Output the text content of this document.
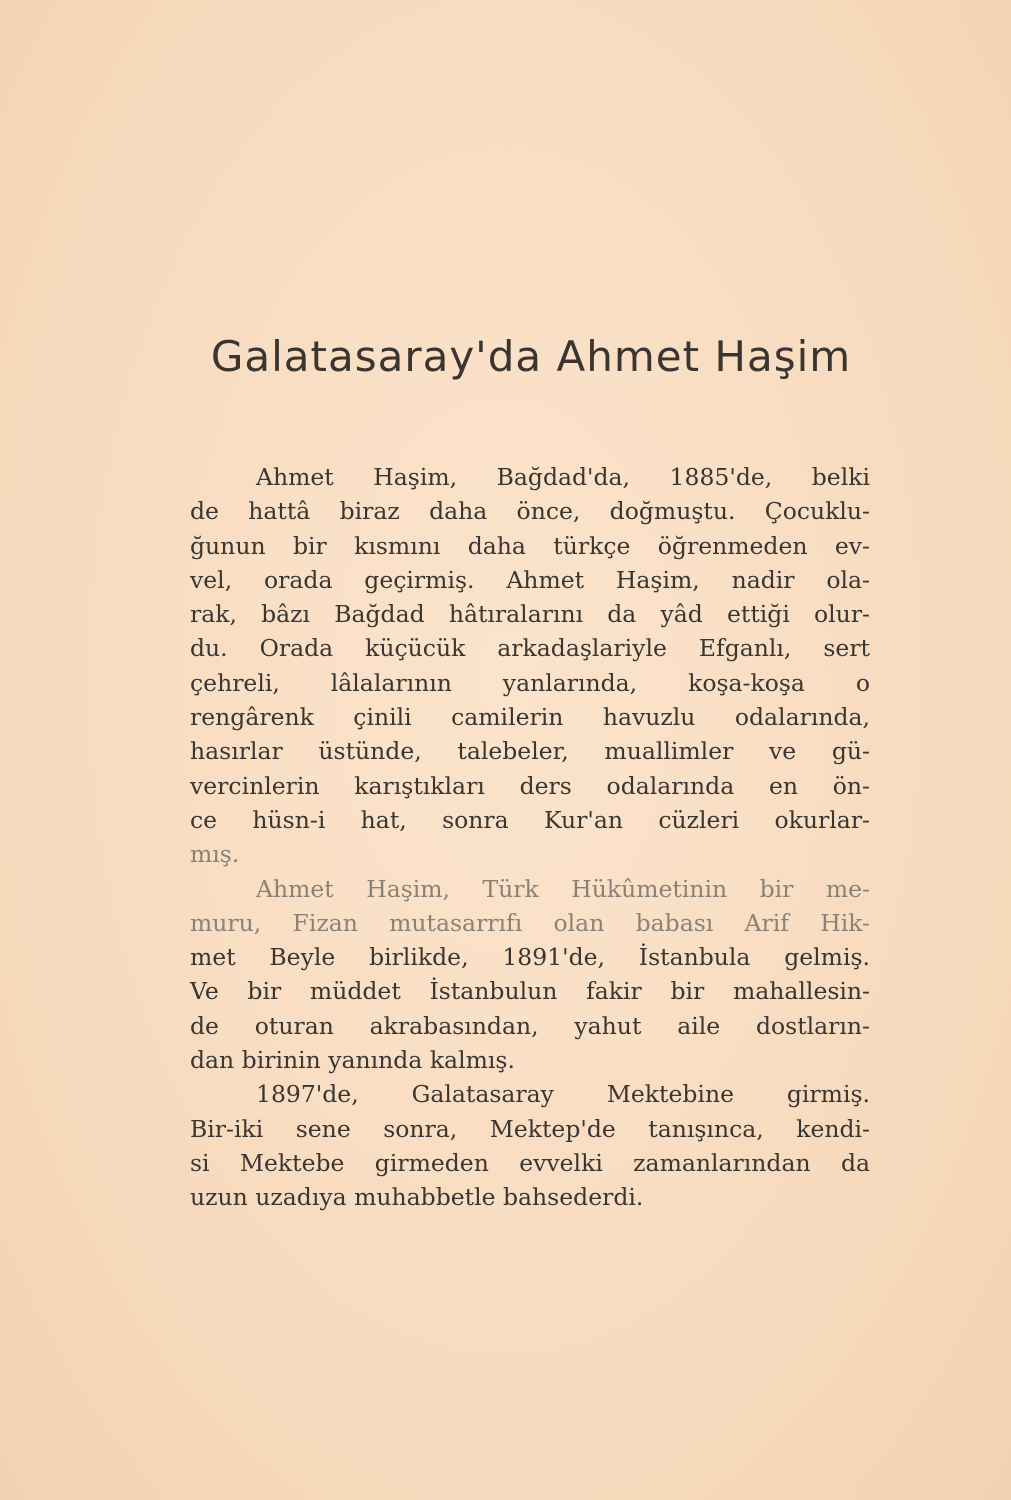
Galatasaray'da Ahmet Haşim
Ahmet Haşim, Bağdad'da, 1885'de, belki
de hattâ biraz daha önce, doğmuştu. Çocuklu-
ğunun bir kısmını daha türkçe öğrenmeden ev-
vel, orada geçirmiş. Ahmet Haşim, nadir ola-
rak, bâzı Bağdad hâtıralarını da yâd ettiği olur-
du. Orada küçücük arkadaşlariyle Efganlı, sert
çehreli, lâlalarının yanlarında, koşa-koşa o
rengârenk çinili camilerin havuzlu odalarında,
hasırlar üstünde, talebeler, muallimler ve gü-
vercinlerin karıştıkları ders odalarında en ön-
ce hüsn-i hat, sonra Kur'an cüzleri okurlar-
mış.
Ahmet Haşim, Türk Hükûmetinin bir me-
muru, Fizan mutasarrıfı olan babası Arif Hik-
met Beyle birlikde, 1891'de, İstanbula gelmiş.
Ve bir müddet İstanbulun fakir bir mahallesin-
de oturan akrabasından, yahut aile dostların-
dan birinin yanında kalmış.
1897'de, Galatasaray Mektebine girmiş.
Bir-iki sene sonra, Mektep'de tanışınca, kendi-
si Mektebe girmeden evvelki zamanlarından da
uzun uzadıya muhabbetle bahsederdi.
